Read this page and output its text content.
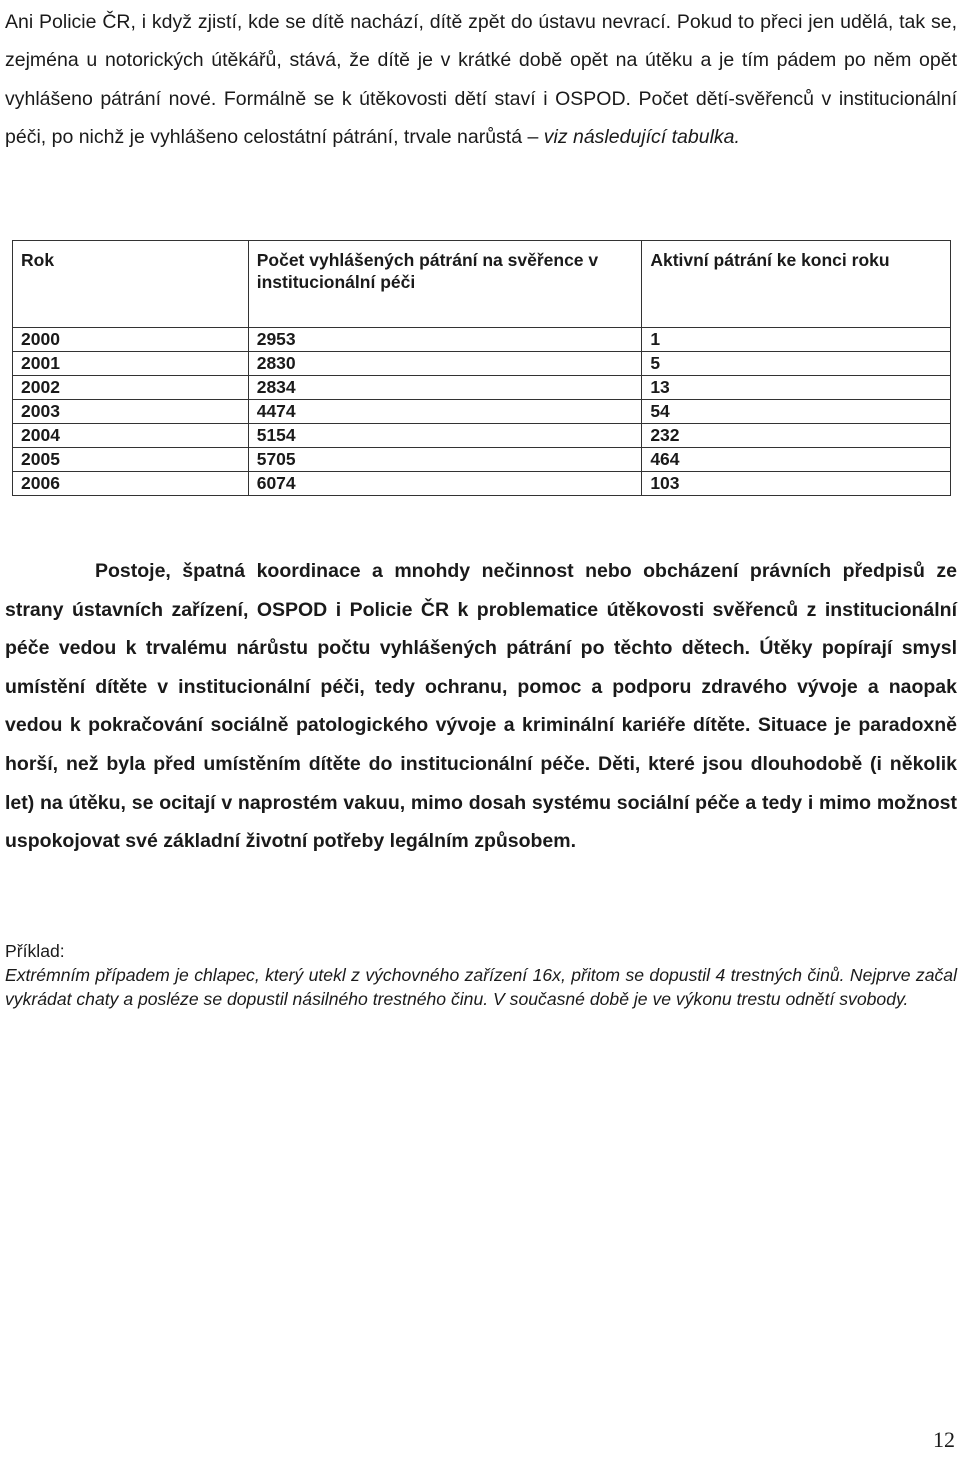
Ani Policie ČR, i když zjistí, kde se dítě nachází, dítě zpět do ústavu nevrací. Pokud to přeci jen udělá, tak se, zejména u notorických útěkářů, stává, že dítě je v krátké době opět na útěku a je tím pádem po něm opět vyhlášeno pátrání nové. Formálně se k útěkovosti dětí staví i OSPOD. Počet dětí-svěřenců v institucionální péči, po nichž je vyhlášeno celostátní pátrání, trvale narůstá – viz následující tabulka.
Rok	Počet vyhlášených pátrání na svěřence v institucionální péči	Aktivní pátrání ke konci roku
2000	2953	1
2001	2830	5
2002	2834	13
2003	4474	54
2004	5154	232
2005	5705	464
2006	6074	103
Postoje, špatná koordinace a mnohdy nečinnost nebo obcházení právních předpisů ze strany ústavních zařízení, OSPOD i Policie ČR k problematice útěkovosti svěřenců z institucionální péče vedou k trvalému nárůstu počtu vyhlášených pátrání po těchto dětech. Útěky popírají smysl umístění dítěte v institucionální péči, tedy ochranu, pomoc a podporu zdravého vývoje a naopak vedou k pokračování sociálně patologického vývoje a kriminální kariéře dítěte. Situace je paradoxně horší, než byla před umístěním dítěte do institucionální péče. Děti, které jsou dlouhodobě (i několik let) na útěku, se ocitají v naprostém vakuu, mimo dosah systému sociální péče a tedy i mimo možnost uspokojovat své základní životní potřeby legálním způsobem.
Příklad:
Extrémním případem je chlapec, který utekl z výchovného zařízení 16x, přitom se dopustil 4 trestných činů. Nejprve začal vykrádat chaty a posléze se dopustil násilného trestného činu. V současné době je ve výkonu trestu odnětí svobody.
12
